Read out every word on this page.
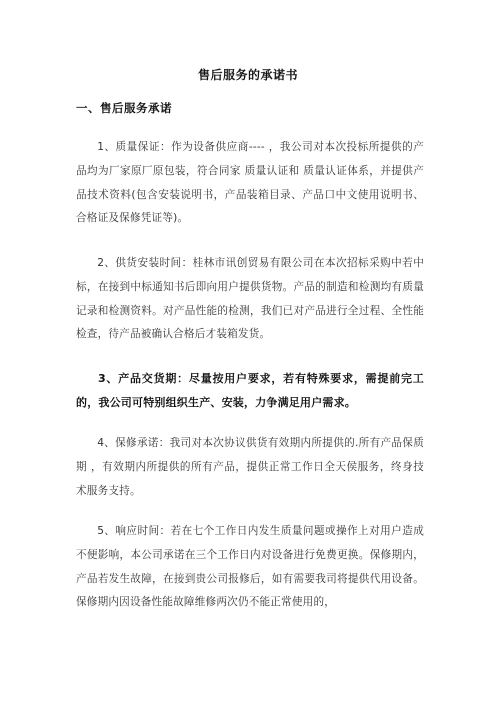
售后服务的承诺书
一、售后服务承诺

1、质量保证：作为设备供应商---- ，我公司对本次投标所提供的产品均为厂家原厂原包装，符合同家 质量认证和 质量认证体系，并提供产品技术资料(包含安装说明书，产品装箱目录、产品口中文使用说明书、合格证及保修凭证等)。

2、供货安装时间：桂林市讯创贸易有限公司在本次招标采购中若中标，在接到中标通知书后即向用户提供货物。产品的制造和检测均有质量记录和检测资料。对产品性能的检测，我们已对产品进行全过程、全性能检查，待产品被确认合格后才装箱发货。

3、产品交货期：尽量按用户要求，若有特殊要求，需提前完工的，我公司可特别组织生产、安装，力争满足用户需求。

4、保修承诺：我司对本次协议供货有效期内所提供的.所有产品保质期 ，有效期内所提供的所有产品，提供正常工作日全天侯服务，终身技术服务支持。

5、响应时间：若在七个工作日内发生质量问题或操作上对用户造成不便影响，本公司承诺在三个工作日内对设备进行免费更换。保修期内，产品若发生故障，在接到贵公司报修后，如有需要我司将提供代用设备。保修期内因设备性能故障维修两次仍不能正常使用的，
